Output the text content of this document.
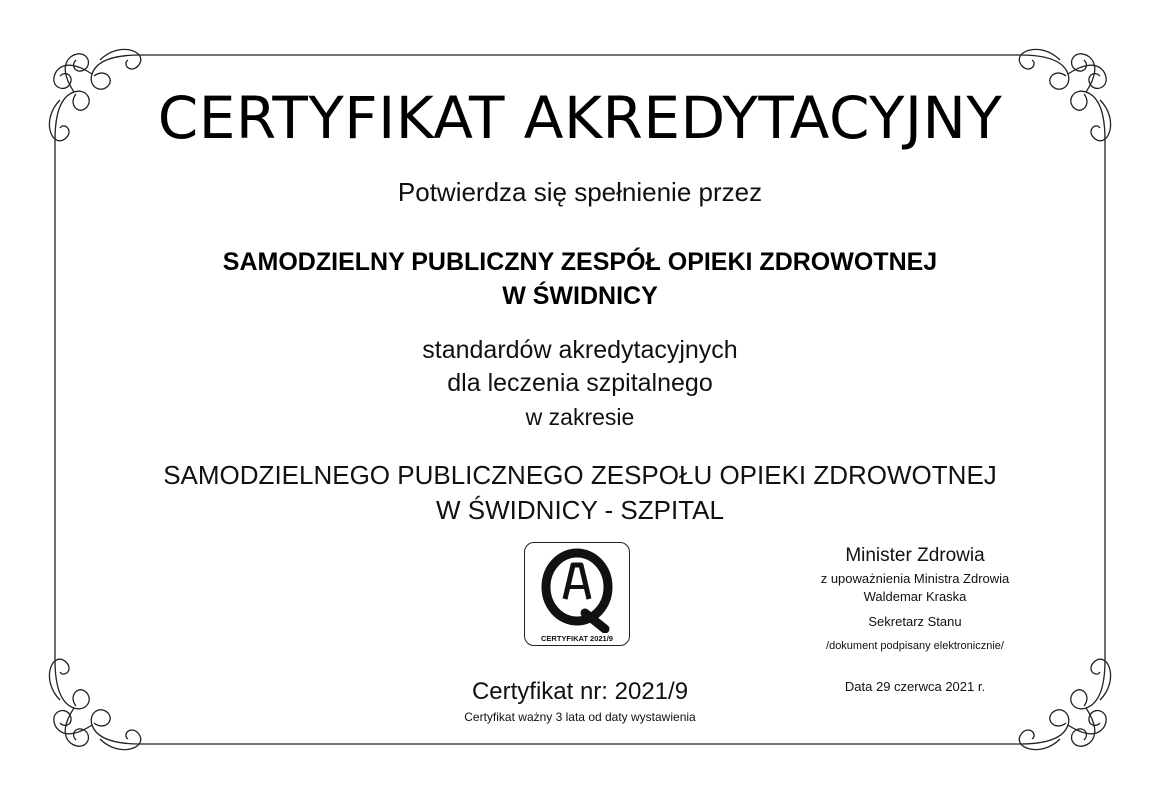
CERTYFIKAT AKREDYTACYJNY
Potwierdza się spełnienie przez
SAMODZIELNY PUBLICZNY ZESPÓŁ OPIEKI ZDROWOTNEJ
W ŚWIDNICY
standardów akredytacyjnych
dla leczenia szpitalnego
w zakresie
SAMODZIELNEGO PUBLICZNEGO ZESPOŁU OPIEKI ZDROWOTNEJ
W ŚWIDNICY - SZPITAL
CERTYFIKAT 2021/9
Certyfikat nr: 2021/9
Certyfikat ważny 3 lata od daty wystawienia
Minister Zdrowia
z upoważnienia Ministra Zdrowia
Waldemar Kraska
Sekretarz Stanu
/dokument podpisany elektronicznie/
Data 29 czerwca 2021 r.
